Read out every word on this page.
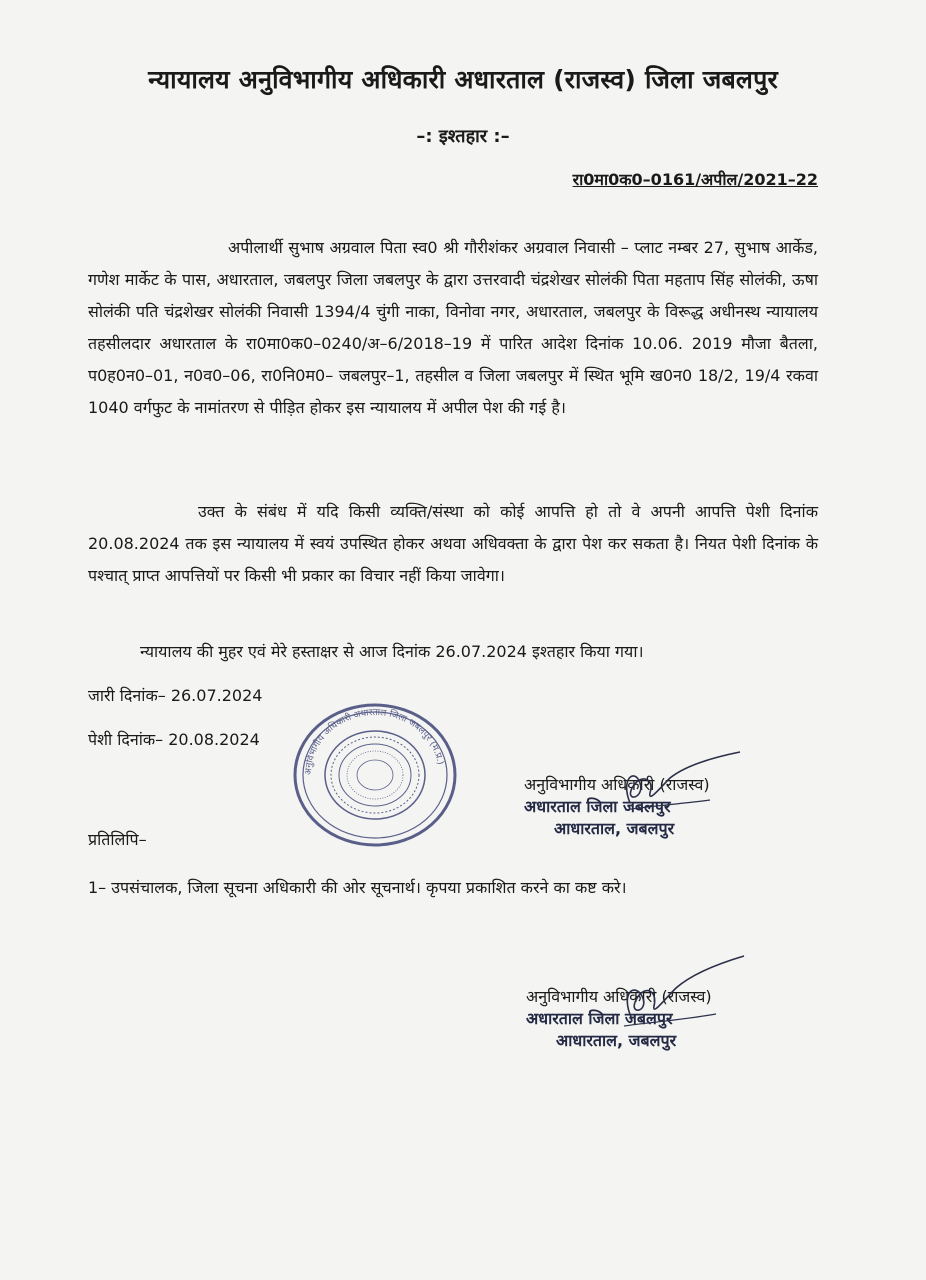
न्यायालय अनुविभागीय अधिकारी अधारताल (राजस्व) जिला जबलपुर
–: इश्तहार :–
रा0मा0क0–0161/अपील/2021–22
अपीलार्थी सुभाष अग्रवाल पिता स्व0 श्री गौरीशंकर अग्रवाल निवासी – प्लाट नम्बर 27, सुभाष आर्केड, गणेश मार्केट के पास, अधारताल, जबलपुर जिला जबलपुर के द्वारा उत्तरवादी चंद्रशेखर सोलंकी पिता महताप सिंह सोलंकी, ऊषा सोलंकी पति चंद्रशेखर सोलंकी निवासी 1394/4 चुंगी नाका, विनोवा नगर, अधारताल, जबलपुर के विरूद्ध अधीनस्थ न्यायालय तहसीलदार अधारताल के रा0मा0क0–0240/अ–6/2018–19 में पारित आदेश दिनांक 10.06. 2019 मौजा बैतला, प0ह0न0–01, न0व0–06, रा0नि0म0– जबलपुर–1, तहसील व जिला जबलपुर में स्थित भूमि ख0न0 18/2, 19/4 रकवा 1040 वर्गफुट के नामांतरण से पीड़ित होकर इस न्यायालय में अपील पेश की गई है।
उक्त के संबंध में यदि किसी व्यक्ति/संस्था को कोई आपत्ति हो तो वे अपनी आपत्ति पेशी दिनांक 20.08.2024 तक इस न्यायालय में स्वयं उपस्थित होकर अथवा अधिवक्ता के द्वारा पेश कर सकता है। नियत पेशी दिनांक के पश्चात् प्राप्त आपत्तियों पर किसी भी प्रकार का विचार नहीं किया जावेगा।
न्यायालय की मुहर एवं मेरे हस्ताक्षर से आज दिनांक 26.07.2024 इश्तहार किया गया।
जारी दिनांक– 26.07.2024
पेशी दिनांक– 20.08.2024
अनुविभागीय अधिकारी अधारताल जिला जबलपुर (म.प्र.)
अनुविभागीय अधिकारी (राजस्व)
अधारताल जिला जबलपुर
आधारताल, जबलपुर
प्रतिलिपि–
1– उपसंचालक, जिला सूचना अधिकारी की ओर सूचनार्थ। कृपया प्रकाशित करने का कष्ट करे।
अनुविभागीय अधिकारी (राजस्व)
अधारताल जिला जबलपुर
आधारताल, जबलपुर
